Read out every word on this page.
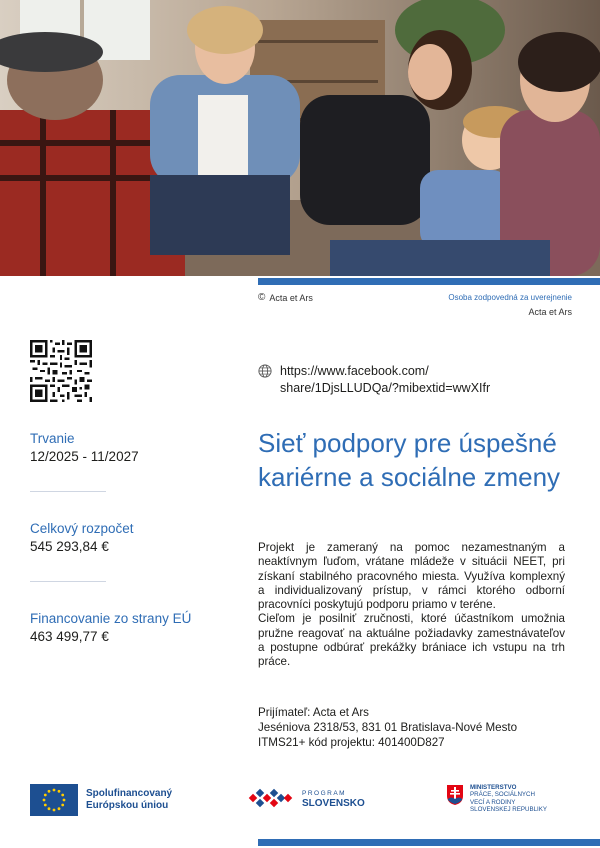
© Acta et Ars	Osoba zodpovedná za uverejnenie
Acta et Ars
https://www.facebook.com/
share/1DjsLLUDQa/?mibextid=wwXIfr
Trvanie
12/2025 - 11/2027
Celkový rozpočet
545 293,84 €
Financovanie zo strany EÚ
463 499,77 €
Sieť podpory pre úspešné kariérne a sociálne zmeny

Projekt je zameraný na pomoc nezamestnaným a neaktívnym ľuďom, vrátane mládeže v situácii NEET, pri získaní stabilného pracovného miesta. Využíva komplexný a individualizovaný prístup, v rámci ktorého odborní pracovníci poskytujú podporu priamo v teréne.

Cieľom je posilniť zručnosti, ktoré účastníkom umožnia pružne reagovať na aktuálne požiadavky zamestnávateľov a postupne odbúrať prekážky brániace ich vstupu na trh práce.

Prijímateľ: Acta et Ars
Jeséniova 2318/53, 831 01 Bratislava-Nové Mesto
ITMS21+ kód projektu: 401400D827
Spolufinancovaný
Európskou úniou
PROGRAM
SLOVENSKO
MINISTERSTVO
PRÁCE, SOCIÁLNYCH
VECÍ A RODINY
SLOVENSKEJ REPUBLIKY
